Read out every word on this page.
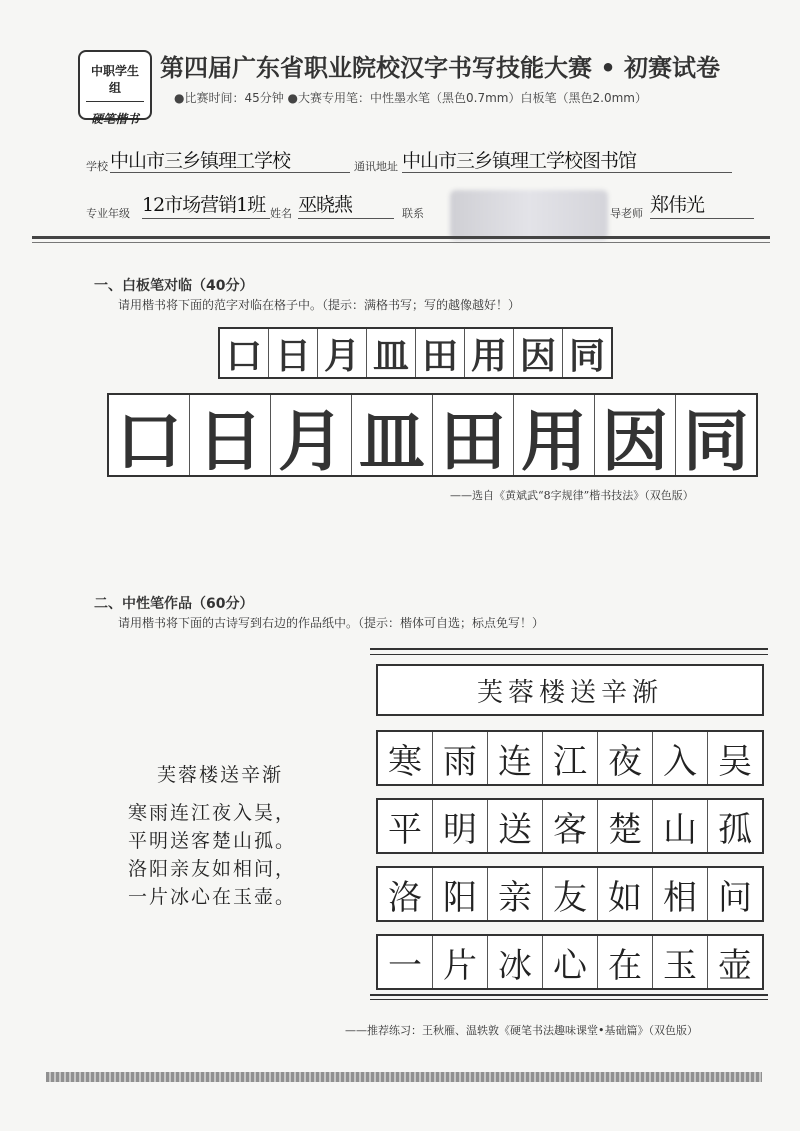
中职学生组
硬笔楷书
第四届广东省职业院校汉字书写技能大赛 • 初赛试卷
●比赛时间：45分钟 ●大赛专用笔：中性墨水笔（黑色0.7mm）白板笔（黑色2.0mm）
学校 中山市三乡镇理工学校	通讯地址 中山市三乡镇理工学校图书馆
专业年级 12市场营销1班 姓名 巫晓燕	联系	导老师 郑伟光
一、白板笔对临（40分）
请用楷书将下面的范字对临在格子中。（提示：满格书写；写的越像越好！）
口 日 月 皿 田 用 因 同
口 日 月 皿 田 用 因 同
——选自《黄斌武“8字规律”楷书技法》（双色版）
二、中性笔作品（60分）
请用楷书将下面的古诗写到右边的作品纸中。（提示：楷体可自选；标点免写！）
芙蓉楼送辛渐
寒雨连江夜入吴，
平明送客楚山孤。
洛阳亲友如相问，
一片冰心在玉壶。
芙蓉楼送辛渐
寒 雨 连 江 夜 入 吴
平 明 送 客 楚 山 孤
洛 阳 亲 友 如 相 问
一 片 冰 心 在 玉 壶
——推荐练习：王秋雁、温轶敦《硬笔书法趣味课堂•基础篇》（双色版）
